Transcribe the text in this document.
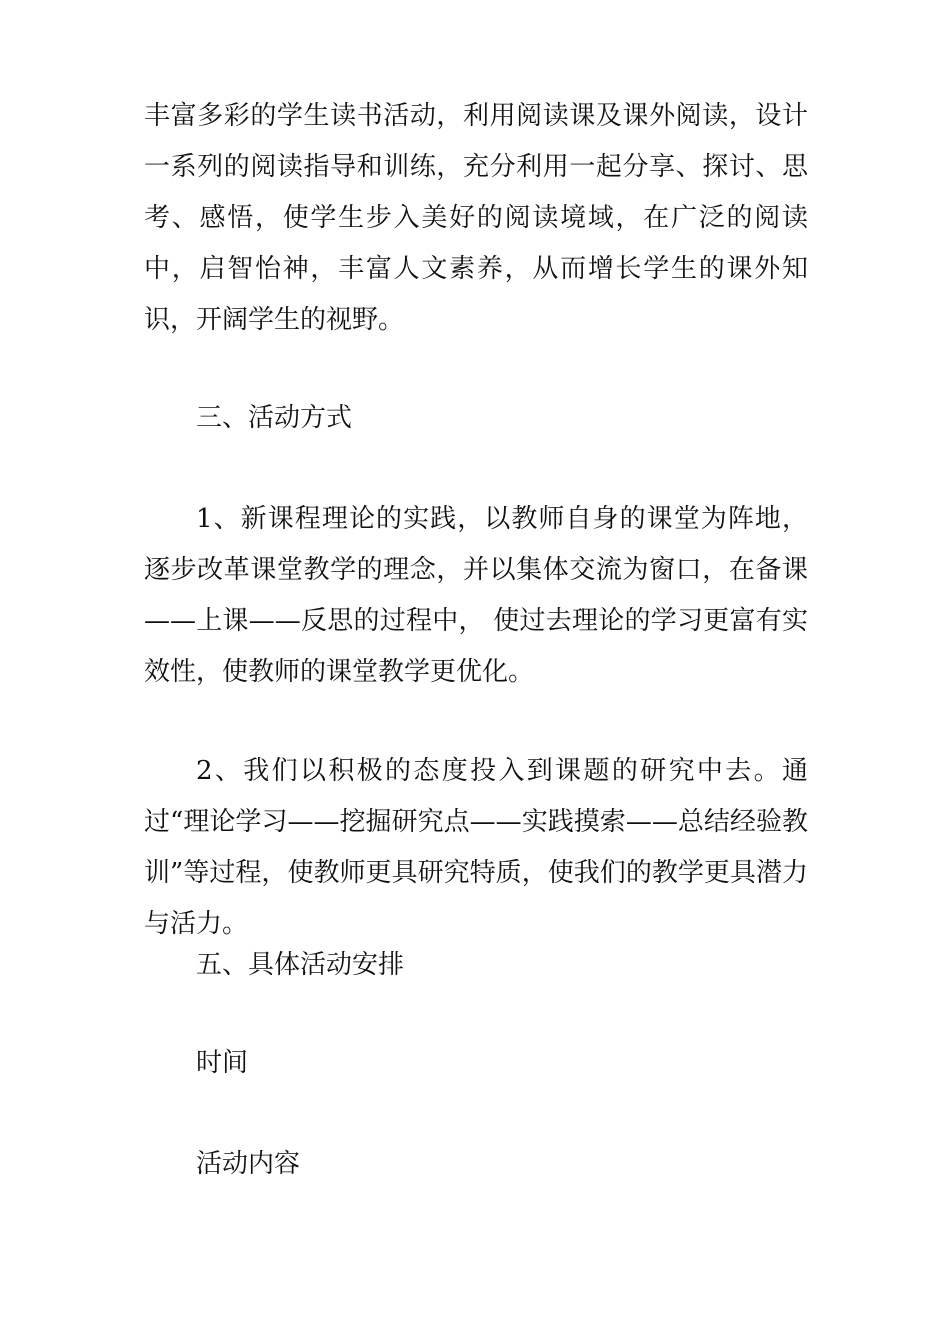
丰富多彩的学生读书活动，利用阅读课及课外阅读，设计一系列的阅读指导和训练，充分利用一起分享、探讨、思考、感悟，使学生步入美好的阅读境域，在广泛的阅读中，启智怡神，丰富人文素养，从而增长学生的课外知识，开阔学生的视野。

三、活动方式

1、新课程理论的实践，以教师自身的课堂为阵地，逐步改革课堂教学的理念，并以集体交流为窗口，在备课——上课——反思的过程中， 使过去理论的学习更富有实效性，使教师的课堂教学更优化。

2、我们以积极的态度投入到课题的研究中去。通过“理论学习——挖掘研究点——实践摸索——总结经验教训”等过程，使教师更具研究特质，使我们的教学更具潜力与活力。

五、具体活动安排

时间

活动内容
